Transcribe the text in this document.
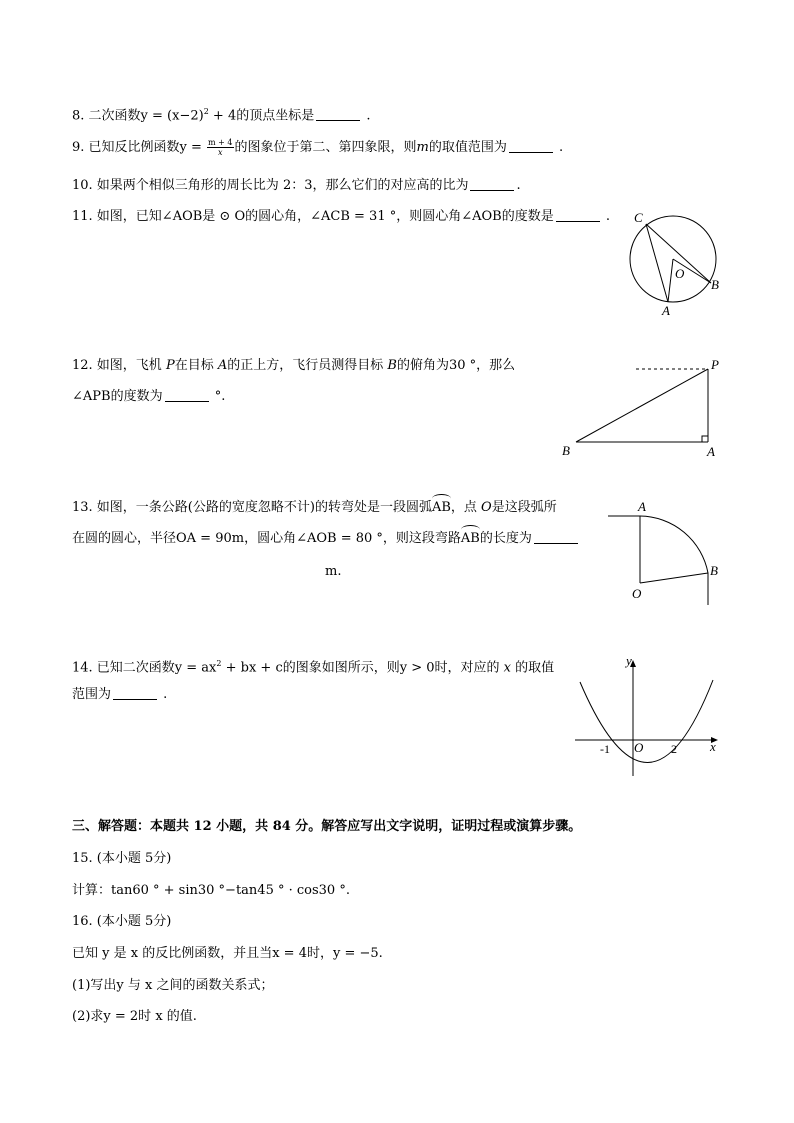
8. 二次函数$y = (x-2)^2 + 4$的顶点坐标是	.
9. 已知反比例函数$y = \frac{m + 4}{x}$ 的图象位于第二、第四象限，则m的取值范围为	.
10. 如果两个相似三角形的周长比为 2：3，那么它们的对应高的比为	.
11. 如图，已知∠AOB是 ⊙ O的圆心角，∠ACB = 31 °，则圆心角∠AOB的度数是	. C
O
B
A
12. 如图，飞机 P在目标 A的正上方，飞行员测得目标 B的俯角为30 °，那么
∠APB的度数为	°.
P
B	A
13. 如图，一条公路(公路的宽度忽略不计)的转弯处是一段圆弧AB，点 O是这段弧所
在圆的圆心，半径OA = 90m，圆心角∠AOB = 80 °，则这段弯路AB的长度为
m.
A
B
O
14. 已知二次函数$y = ax^2$ + bx + c的图象如图所示，则y > 0时，对应的 x 的取值
范围为	.
y
x
O
-1	2
三、解答题：本题共 12 小题，共 84 分。解答应写出文字说明，证明过程或演算步骤。
15. (本小题 5分)
计算：tan60 ° + sin30 °−tan45 ° · cos30 °.
16. (本小题 5分)
已知 y 是 x 的反比例函数，并且当x = 4时，y = −5.
(1)写出y 与 x 之间的函数关系式；
(2)求y = 2时 x 的值.
